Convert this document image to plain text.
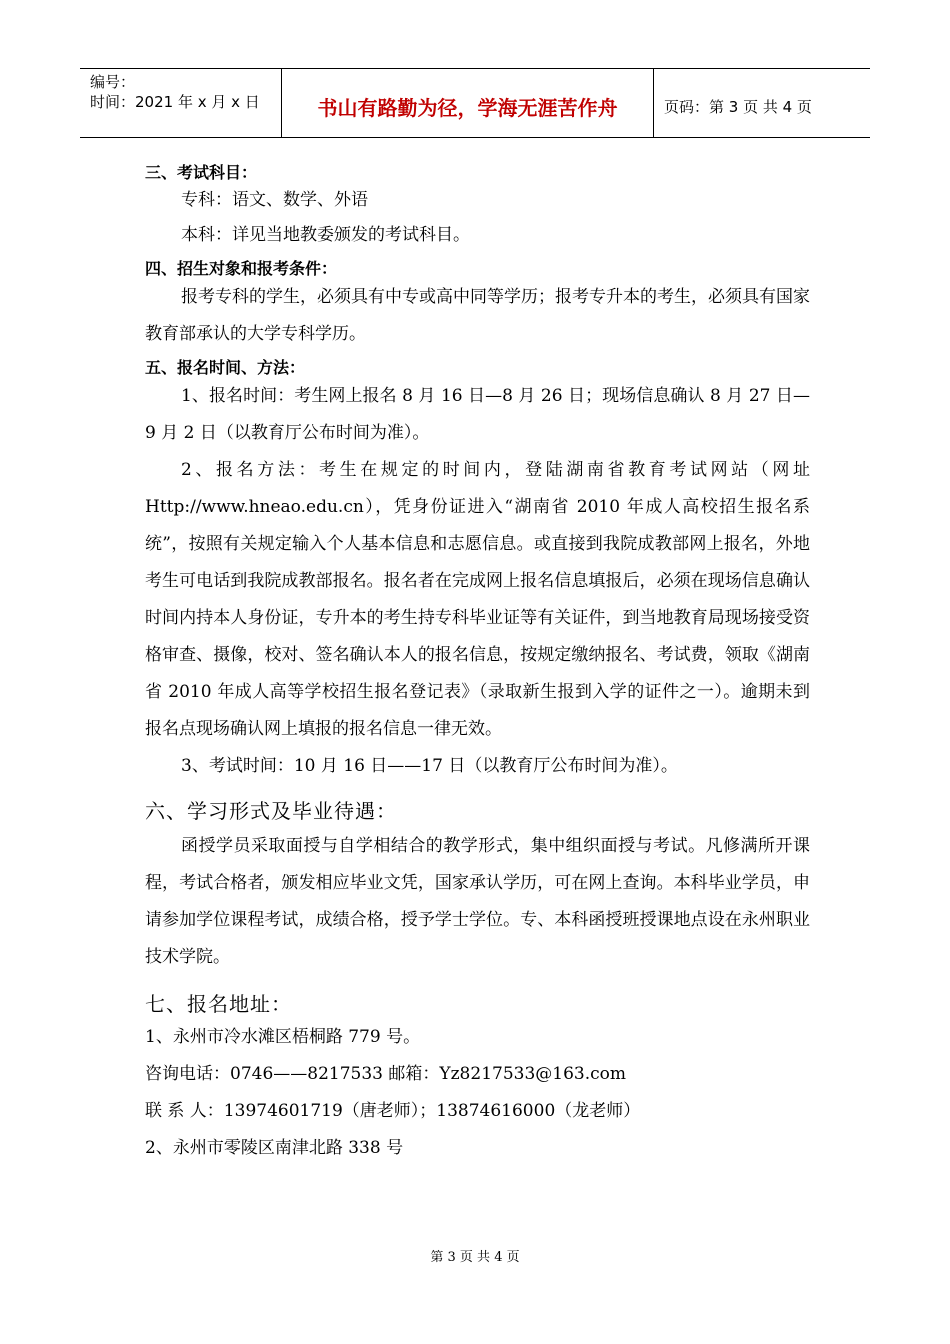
编号：
时间：2021 年 x 月 x 日	书山有路勤为径，学海无涯苦作舟	页码：第 3 页 共 4 页

三、考试科目：

专科：语文、数学、外语

本科：详见当地教委颁发的考试科目。

四、招生对象和报考条件：

报考专科的学生，必须具有中专或高中同等学历；报考专升本的考生，必须具有国家教育部承认的大学专科学历。

五、报名时间、方法：

1、报名时间：考生网上报名 8 月 16 日—8 月 26 日；现场信息确认 8 月 27 日—9 月 2 日（以教育厅公布时间为准）。

2、报名方法：考生在规定的时间内，登陆湖南省教育考试网站（网址 Http://www.hneao.edu.cn），凭身份证进入“湖南省 2010 年成人高校招生报名系统”，按照有关规定输入个人基本信息和志愿信息。或直接到我院成教部网上报名，外地考生可电话到我院成教部报名。报名者在完成网上报名信息填报后，必须在现场信息确认时间内持本人身份证，专升本的考生持专科毕业证等有关证件，到当地教育局现场接受资格审查、摄像，校对、签名确认本人的报名信息，按规定缴纳报名、考试费，领取《湖南省 2010 年成人高等学校招生报名登记表》（录取新生报到入学的证件之一）。逾期未到报名点现场确认网上填报的报名信息一律无效。

3、考试时间：10 月 16 日——17 日（以教育厅公布时间为准）。

六、学习形式及毕业待遇：

函授学员采取面授与自学相结合的教学形式，集中组织面授与考试。凡修满所开课程，考试合格者，颁发相应毕业文凭，国家承认学历，可在网上查询。本科毕业学员，申请参加学位课程考试，成绩合格，授予学士学位。专、本科函授班授课地点设在永州职业技术学院。

七、报名地址：

1、永州市冷水滩区梧桐路 779 号。

咨询电话：0746——8217533 邮箱：Yz8217533@163.com

联 系 人：13974601719（唐老师）；13874616000（龙老师）

2、永州市零陵区南津北路 338 号

第 3 页 共 4 页
